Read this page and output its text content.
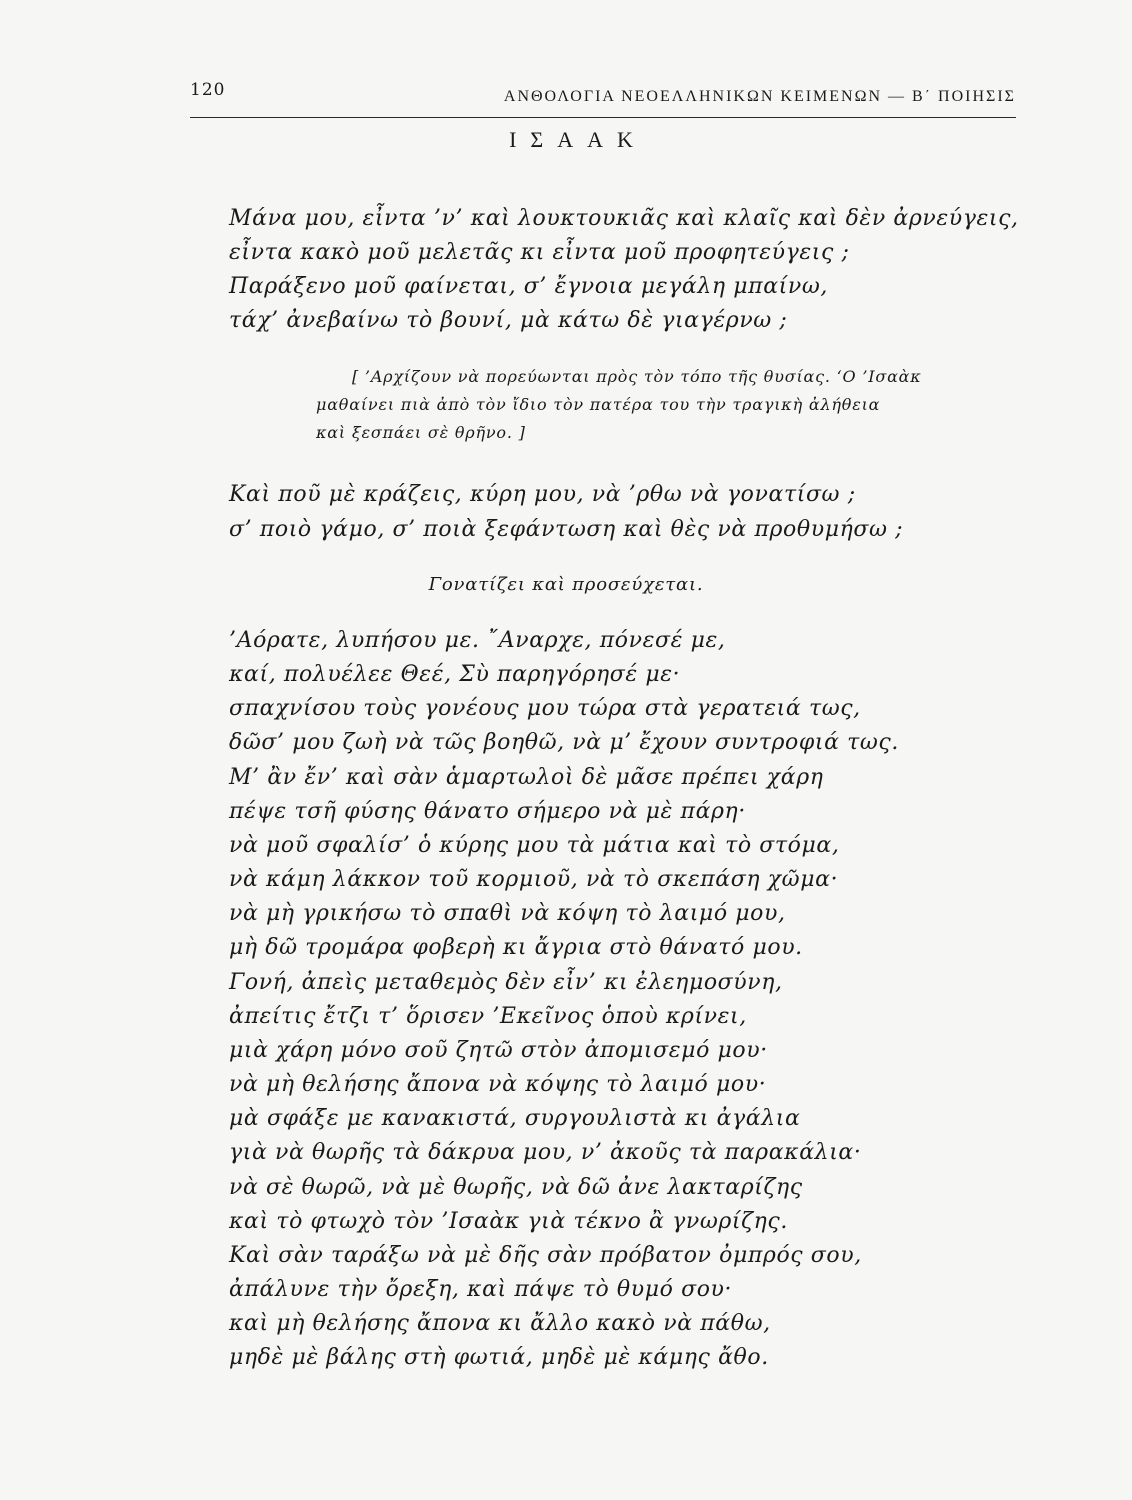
120	ΑΝΘΟΛΟΓΙΑ ΝΕΟΕΛΛΗΝΙΚΩΝ ΚΕΙΜΕΝΩΝ — Β΄ ΠΟΙΗΣΙΣ
ΙΣΑΑΚ
Μάνα μου, εἶντα ’ν’ καὶ λουκτουκιᾶς καὶ κλαῖς καὶ δὲν ἀρνεύγεις,
εἶντα κακὸ μοῦ μελετᾶς κι εἶντα μοῦ προφητεύγεις ;
Παράξενο μοῦ φαίνεται, σ’ ἔγνοια μεγάλη μπαίνω,
τάχ’ ἀνεβαίνω τὸ βουνί, μὰ κάτω δὲ γιαγέρνω ;
[ ’Αρχίζουν νὰ πορεύωνται πρὸς τὸν τόπο τῆς θυσίας. ‘Ο ’Ισαὰκ
μαθαίνει πιὰ ἀπὸ τὸν ἴδιο τὸν πατέρα του τὴν τραγικὴ ἀλήθεια
καὶ ξεσπάει σὲ θρῆνο. ]
Καὶ ποῦ μὲ κράζεις, κύρη μου, νὰ ’ρθω νὰ γονατίσω ;
σ’ ποιὸ γάμο, σ’ ποιὰ ξεφάντωση καὶ θὲς νὰ προθυμήσω ;
Γονατίζει καὶ προσεύχεται.
’Αόρατε, λυπήσου με. ῎Αναρχε, πόνεσέ με,
καί, πολυέλεε Θεέ, Σὺ παρηγόρησέ με·
σπαχνίσου τοὺς γονέους μου τώρα στὰ γερατειά τως,
δῶσ’ μου ζωὴ νὰ τῶς βοηθῶ, νὰ μ’ ἔχουν συντροφιά τως.
Μ’ ἂν ἔν’ καὶ σὰν ἁμαρτωλοὶ δὲ μᾶσε πρέπει χάρη
πέψε τσῆ φύσης θάνατο σήμερο νὰ μὲ πάρη·
νὰ μοῦ σφαλίσ’ ὁ κύρης μου τὰ μάτια καὶ τὸ στόμα,
νὰ κάμη λάκκον τοῦ κορμιοῦ, νὰ τὸ σκεπάση χῶμα·
νὰ μὴ γρικήσω τὸ σπαθὶ νὰ κόψη τὸ λαιμό μου,
μὴ δῶ τρομάρα φοβερὴ κι ἄγρια στὸ θάνατό μου.
Γονή, ἀπεὶς μεταθεμὸς δὲν εἶν’ κι ἐλεημοσύνη,
ἀπείτις ἔτζι τ’ ὅρισεν ’Εκεῖνος ὁποὺ κρίνει,
μιὰ χάρη μόνο σοῦ ζητῶ στὸν ἀπομισεμό μου·
νὰ μὴ θελήσης ἄπονα νὰ κόψης τὸ λαιμό μου·
μὰ σφάξε με κανακιστά, συργουλιστὰ κι ἀγάλια
γιὰ νὰ θωρῆς τὰ δάκρυα μου, ν’ ἀκοῦς τὰ παρακάλια·
νὰ σὲ θωρῶ, νὰ μὲ θωρῆς, νὰ δῶ ἀνε λακταρίζης
καὶ τὸ φτωχὸ τὸν ’Ισαὰκ γιὰ τέκνο ἂ γνωρίζης.
Καὶ σὰν ταράξω νὰ μὲ δῆς σὰν πρόβατον ὀμπρός σου,
ἀπάλυνε τὴν ὄρεξη, καὶ πάψε τὸ θυμό σου·
καὶ μὴ θελήσης ἄπονα κι ἄλλο κακὸ νὰ πάθω,
μηδὲ μὲ βάλης στὴ φωτιά, μηδὲ μὲ κάμης ἄθο.
